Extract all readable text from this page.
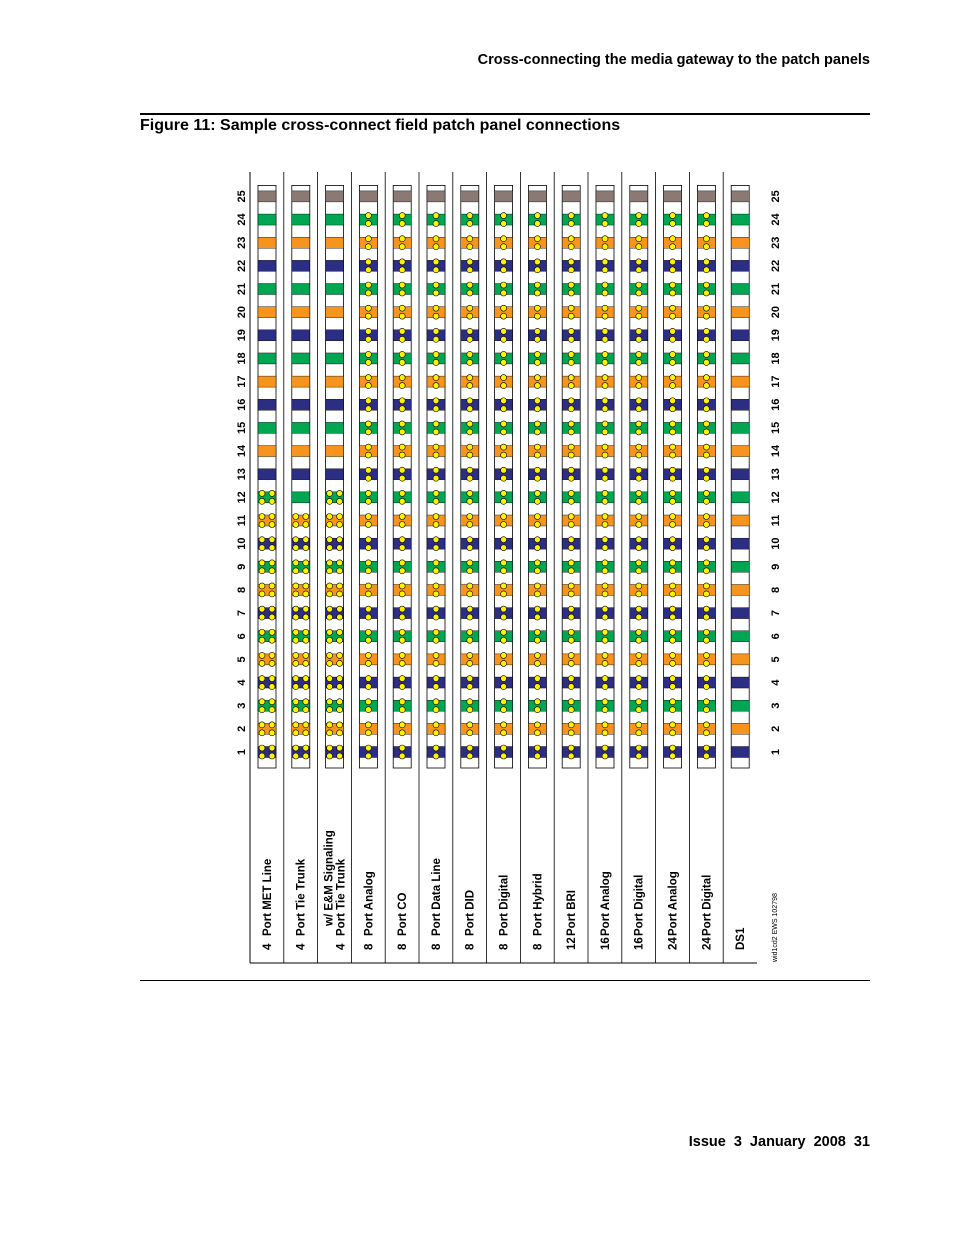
Cross-connecting the media gateway to the patch panels
Figure 11: Sample cross-connect field patch panel connections
4Port MET Line
4Port Tie Trunk
4Port Tie Trunkw/ E&M Signaling
8Port Analog
8Port CO
8Port Data Line
8Port DID
8Port Digital
8Port Hybrid
12Port BRI
16Port Analog
16Port Digital
24Port Analog
24Port Digital
DS1
1	1
2	2
3	3
4	4
5	5
6	6
7	7
8	8
9	9
10	10
11	11
12	12
13	13
14	14
15	15
16	16
17	17
18	18
19	19
20	20
21	21
22	22
23	23
24	24
25	25
wid1cd2 EWS 102798
Issue 3 January 2008 31
